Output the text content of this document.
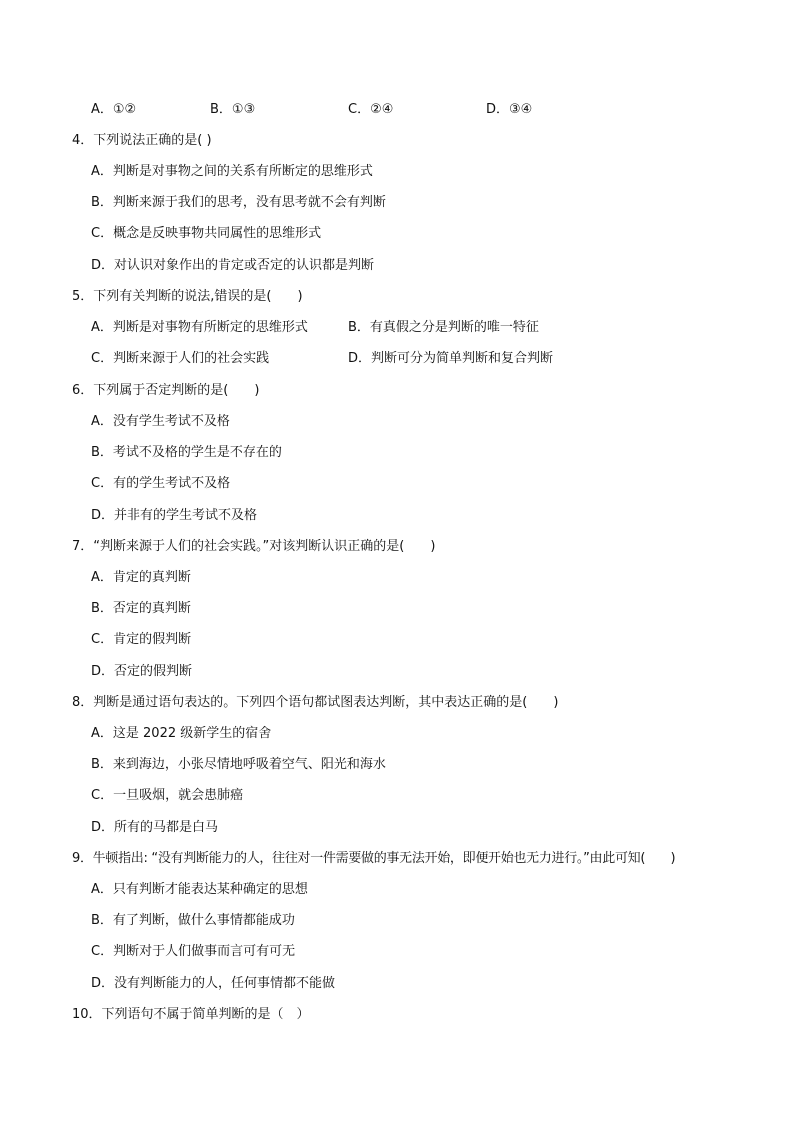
A．①②	B．①③	C．②④	D．③④
4．下列说法正确的是( )
A．判断是对事物之间的关系有所断定的思维形式
B．判断来源于我们的思考，没有思考就不会有判断
C．概念是反映事物共同属性的思维形式
D．对认识对象作出的肯定或否定的认识都是判断
5．下列有关判断的说法,错误的是(　　)
A．判断是对事物有所断定的思维形式	B．有真假之分是判断的唯一特征
C．判断来源于人们的社会实践	D．判断可分为简单判断和复合判断
6．下列属于否定判断的是(　　)
A．没有学生考试不及格
B．考试不及格的学生是不存在的
C．有的学生考试不及格
D．并非有的学生考试不及格
7．“判断来源于人们的社会实践。”对该判断认识正确的是(　　)
A．肯定的真判断
B．否定的真判断
C．肯定的假判断
D．否定的假判断
8．判断是通过语句表达的。下列四个语句都试图表达判断，其中表达正确的是(　　)
A．这是 2022 级新学生的宿舍
B．来到海边，小张尽情地呼吸着空气、阳光和海水
C．一旦吸烟，就会患肺癌
D．所有的马都是白马
9．牛顿指出: “没有判断能力的人，往往对一件需要做的事无法开始，即便开始也无力进行。”由此可知(　　)
A．只有判断才能表达某种确定的思想
B．有了判断，做什么事情都能成功
C．判断对于人们做事而言可有可无
D．没有判断能力的人，任何事情都不能做
10．下列语句不属于简单判断的是（　）
